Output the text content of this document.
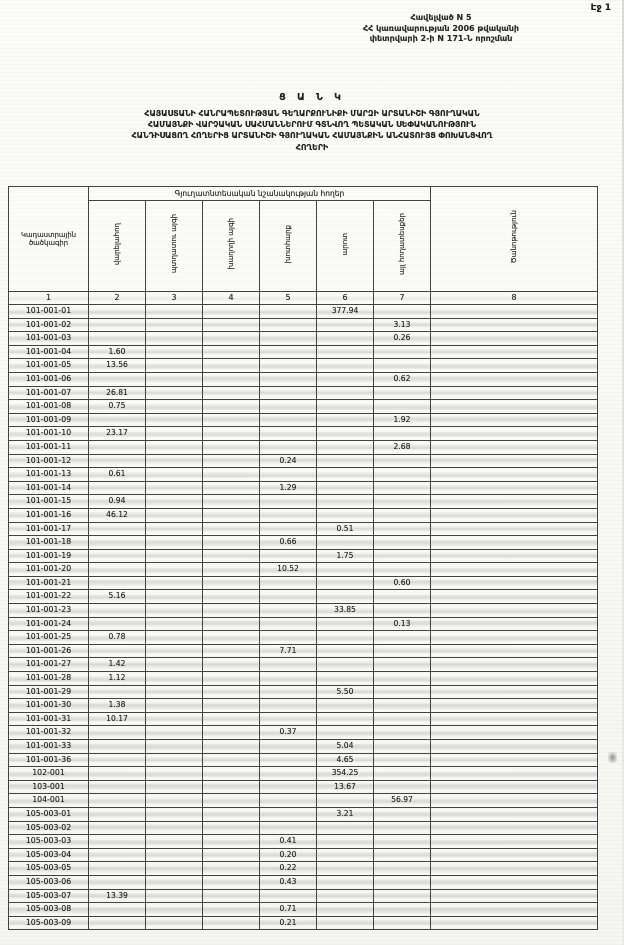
Էջ 1
Հավելված N 5
ՀՀ կառավարության 2006 թվականի
փետրվարի 2-ի N 171-Ն որոշման
Ց Ա Ն Կ
ՀԱՅԱՍՏԱՆԻ ՀԱՆՐԱՊԵՏՈՒԹՅԱՆ ԳԵՂԱՐՔՈՒՆԻՔԻ ՄԱՐԶԻ ԱՐՏԱՆԻՇԻ ԳՅՈՒՂԱԿԱՆ
ՀԱՄԱՅՆՔԻ ՎԱՐՉԱԿԱՆ ՍԱՀՄԱՆՆԵՐՈՒՄ ԳՏՆՎՈՂ ՊԵՏԱԿԱՆ ՍԵՓԱԿԱՆՈՒԹՅՈՒՆ
ՀԱՆԴԻՍԱՑՈՂ ՀՈՂԵՐԻՑ ԱՐՏԱՆԻՇԻ ԳՅՈՒՂԱԿԱՆ ՀԱՄԱՅՆՔԻՆ ԱՆՀԱՏՈՒՅՑ ՓՈԽԱՆՑՎՈՂ
ՀՈՂԵՐԻ
Կադաստրային ծածկագիր	Գյուղատնտեսական նշանակության հողեր						Ծանոթություն
	վարելահող	պտղատու այգի	խաղողի այգի	խոտհարք	արոտ	այլ հողատեսքեր	
1	2	3	4	5	6	7	8
101-001-01					377.94		
101-001-02						3.13	
101-001-03						0.26	
101-001-04	1.60						
101-001-05	13.56						
101-001-06						0.62	
101-001-07	26.81						
101-001-08	0.75						
101-001-09						1.92	
101-001-10	23.17						
101-001-11						2.68	
101-001-12				0.24			
101-001-13	0.61						
101-001-14				1.29			
101-001-15	0.94						
101-001-16	46.12						
101-001-17					0.51		
101-001-18				0.66			
101-001-19					1.75		
101-001-20				10.52			
101-001-21						0.60	
101-001-22	5.16						
101-001-23					33.85		
101-001-24						0.13	
101-001-25	0.78						
101-001-26				7.71			
101-001-27	1.42						
101-001-28	1.12						
101-001-29					5.50		
101-001-30	1.38						
101-001-31	10.17						
101-001-32				0.37			
101-001-33					5.04		
101-001-36					4.65		
102-001					354.25		
103-001					13.67		
104-001						56.97	
105-003-01					3.21		
105-003-02							
105-003-03				0.41			
105-003-04				0.20			
105-003-05				0.22			
105-003-06				0.43			
105-003-07	13.39						
105-003-08				0.71			
105-003-09				0.21			
